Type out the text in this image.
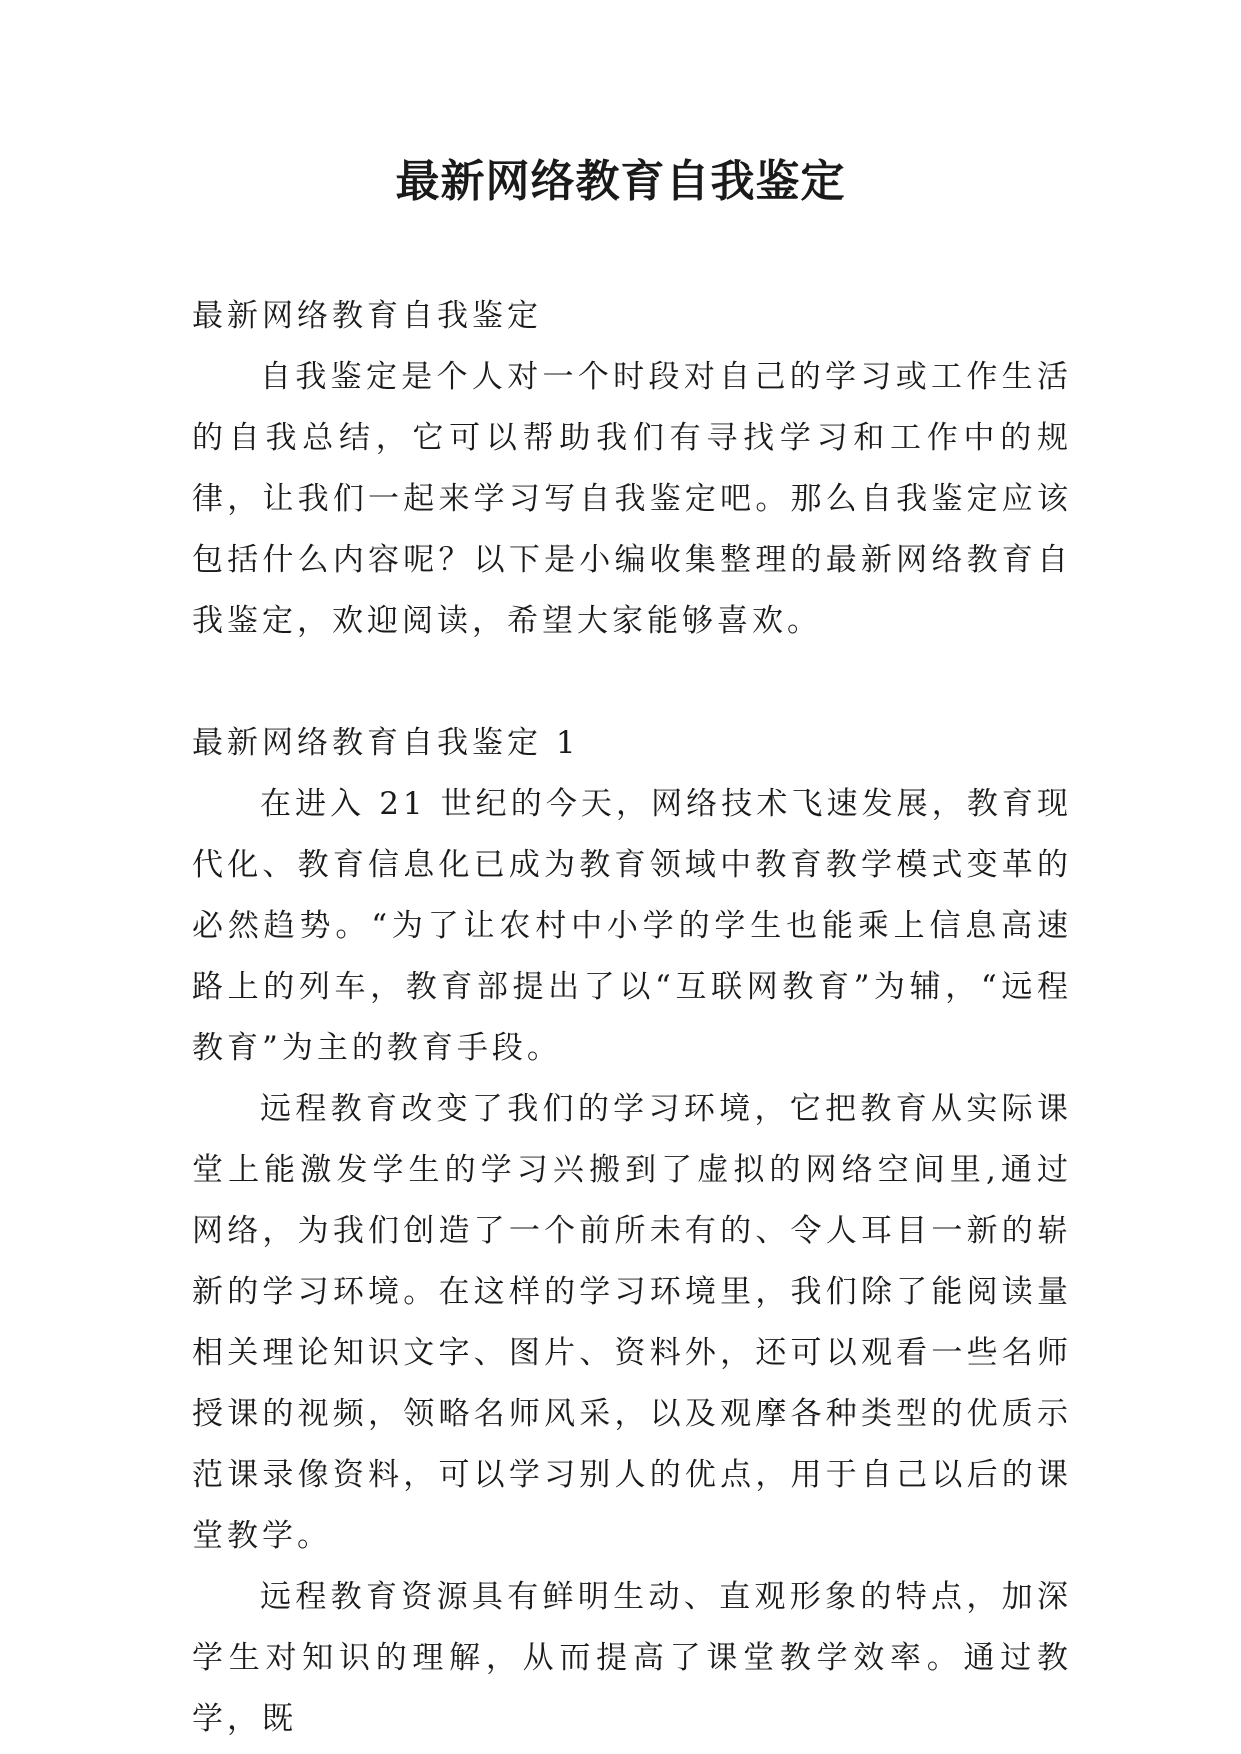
最新网络教育自我鉴定

最新网络教育自我鉴定

自我鉴定是个人对一个时段对自己的学习或工作生活的自我总结，它可以帮助我们有寻找学习和工作中的规律，让我们一起来学习写自我鉴定吧。那么自我鉴定应该包括什么内容呢？以下是小编收集整理的最新网络教育自我鉴定，欢迎阅读，希望大家能够喜欢。

最新网络教育自我鉴定 1

在进入 21 世纪的今天，网络技术飞速发展，教育现代化、教育信息化已成为教育领域中教育教学模式变革的必然趋势。“为了让农村中小学的学生也能乘上信息高速路上的列车，教育部提出了以“互联网教育”为辅，“远程教育”为主的教育手段。

远程教育改变了我们的学习环境，它把教育从实际课堂上能激发学生的学习兴搬到了虚拟的网络空间里,通过网络，为我们创造了一个前所未有的、令人耳目一新的崭新的学习环境。在这样的学习环境里，我们除了能阅读量相关理论知识文字、图片、资料外，还可以观看一些名师授课的视频，领略名师风采，以及观摩各种类型的优质示范课录像资料，可以学习别人的优点，用于自己以后的课堂教学。

远程教育资源具有鲜明生动、直观形象的特点，加深学生对知识的理解，从而提高了课堂教学效率。通过教学，既
